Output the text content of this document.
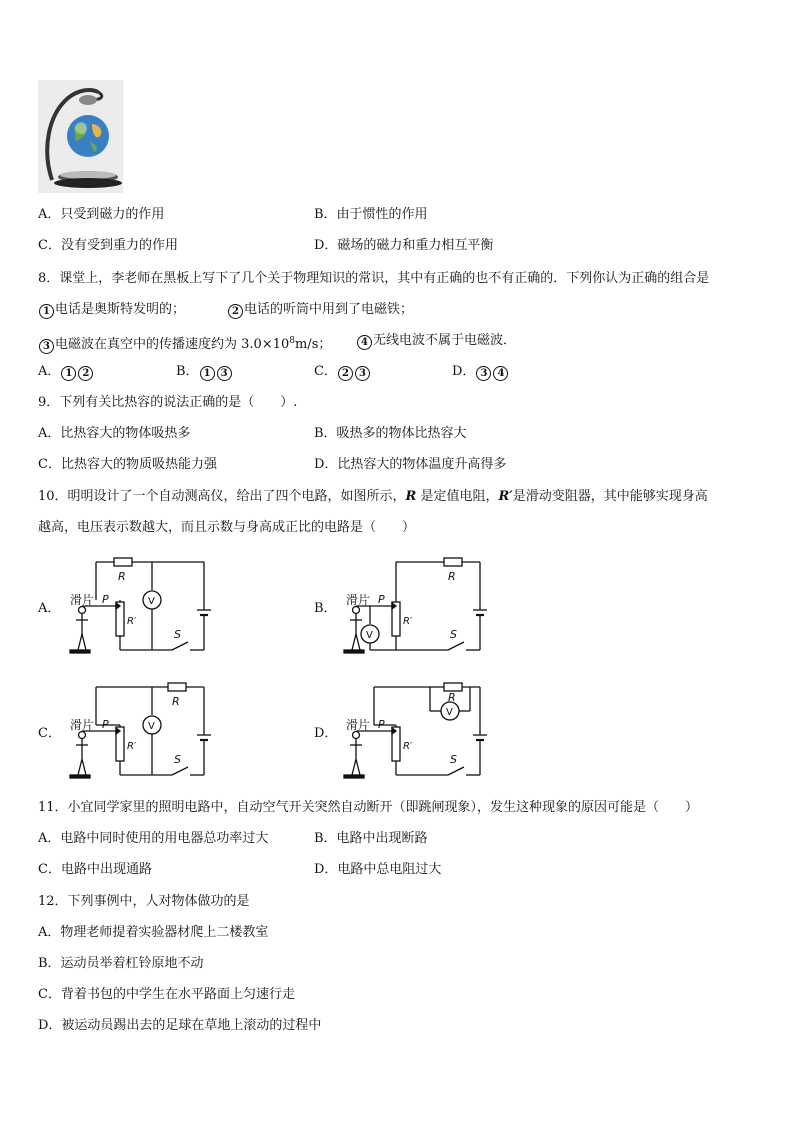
A．只受到磁力的作用	B．由于惯性的作用
C．没有受到重力的作用	D．磁场的磁力和重力相互平衡
8．课堂上，李老师在黑板上写下了几个关于物理知识的常识，其中有正确的也不有正确的．下列你认为正确的组合是
1 电话是奥斯特发明的；	2 电话的听筒中用到了电磁铁；
3 电磁波在真空中的传播速度约为 $3.0\times 10^8m/s$；	4 无线电波不属于电磁波．
A． 1 2	B． 1 3	C． 2 3	D． 3 4
9．下列有关比热容的说法正确的是（　　）.
A．比热容大的物体吸热多	B．吸热多的物体比热容大
C．比热容大的物质吸热能力强	D．比热容大的物体温度升高得多
10．明明设计了一个自动测高仪，给出了四个电路，如图所示，R 是定值电阻，R′是滑动变阻器，其中能够实现身高
越高，电压表示数越大，而且示数与身高成正比的电路是（　　）
A．	B．
C．	D．
滑片 P
R′
R
V
S
滑片 P
R′
R
V	S
滑片 P
R′
R
V
S
滑片 P
R′
V
R
S
11．小宜同学家里的照明电路中，自动空气开关突然自动断开（即跳闸现象），发生这种现象的原因可能是（　　）
A．电路中同时使用的用电器总功率过大	B．电路中出现断路
C．电路中出现通路	D．电路中总电阻过大
12．下列事例中，人对物体做功的是
A．物理老师提着实验器材爬上二楼教室
B．运动员举着杠铃原地不动
C．背着书包的中学生在水平路面上匀速行走
D．被运动员踢出去的足球在草地上滚动的过程中
